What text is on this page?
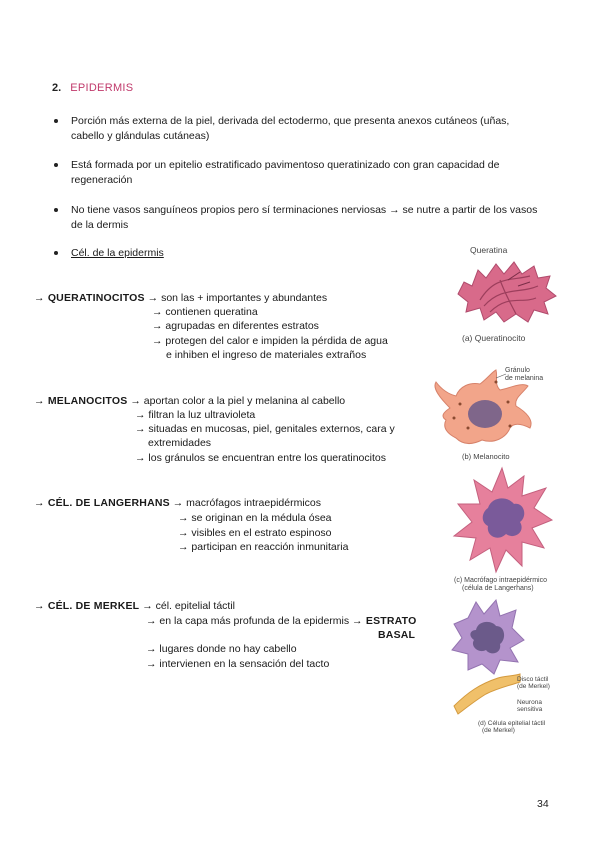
2. EPIDERMIS
Porción más externa de la piel, derivada del ectodermo, que presenta anexos cutáneos (uñas, cabello y glándulas cutáneas)
Está formada por un epitelio estratificado pavimentoso queratinizado con gran capacidad de regeneración
No tiene vasos sanguíneos propios pero sí terminaciones nerviosas → se nutre a partir de los vasos de la dermis
Cél. de la epidermis
→ QUERATINOCITOS → son las + importantes y abundantes
→ contienen queratina
→ agrupadas en diferentes estratos
→ protegen del calor e impiden la pérdida de agua
e inhiben el ingreso de materiales extraños
→ MELANOCITOS → aportan color a la piel y melanina al cabello
→ filtran la luz ultravioleta
→ situadas en mucosas, piel, genitales externos, cara y
extremidades
→ los gránulos se encuentran entre los queratinocitos
→ CÉL. DE LANGERHANS → macrófagos intraepidérmicos
→ se originan en la médula ósea
→ visibles en el estrato espinoso
→ participan en reacción inmunitaria
→ CÉL. DE MERKEL → cél. epitelial táctil
→ en la capa más profunda de la epidermis → ESTRATO
BASAL
→ lugares donde no hay cabello
→ intervienen en la sensación del tacto
Queratina
(a) Queratinocito
Gránulo
de melanina
(b) Melanocito
(c) Macrófago intraepidérmico
(célula de Langerhans)
Disco táctil
(de Merkel)
Neurona
sensitiva
(d) Célula epitelial táctil
(de Merkel)
34
